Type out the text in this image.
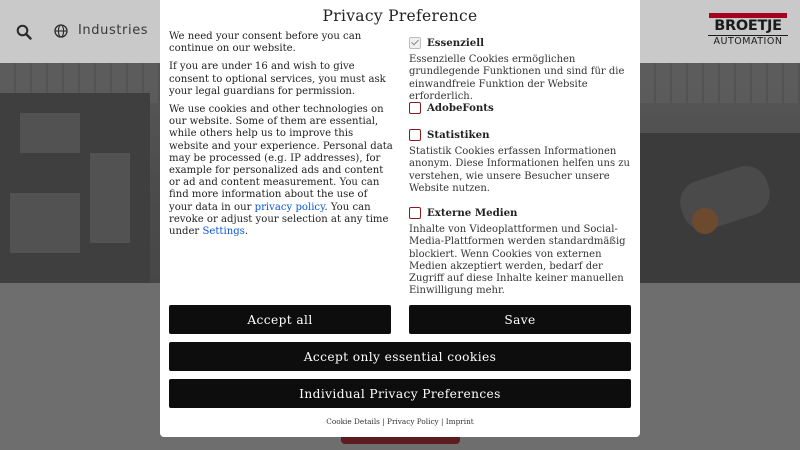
Industries	BROETJE
AUTOMATION
Privacy Preference

We need your consent before you can continue on our website.

If you are under 16 and wish to give consent to optional services, you must ask your legal guardians for permission.

We use cookies and other technologies on our website. Some of them are essential, while others help us to improve this website and your experience. Personal data may be processed (e.g. IP addresses), for example for personalized ads and content or ad and content measurement. You can find more information about the use of your data in our privacy policy. You can revoke or adjust your selection at any time under Settings.

Essenziell
Essenzielle Cookies ermöglichen grundlegende Funktionen und sind für die einwandfreie Funktion der Website erforderlich.
AdobeFonts
Statistiken
Statistik Cookies erfassen Informationen anonym. Diese Informationen helfen uns zu verstehen, wie unsere Besucher unsere Website nutzen.
Externe Medien
Inhalte von Videoplattformen und Social-Media-Plattformen werden standardmäßig blockiert. Wenn Cookies von externen Medien akzeptiert werden, bedarf der Zugriff auf diese Inhalte keiner manuellen Einwilligung mehr.
Accept all	Save
Accept only essential cookies
Individual Privacy Preferences
Cookie Details | Privacy Policy | Imprint
